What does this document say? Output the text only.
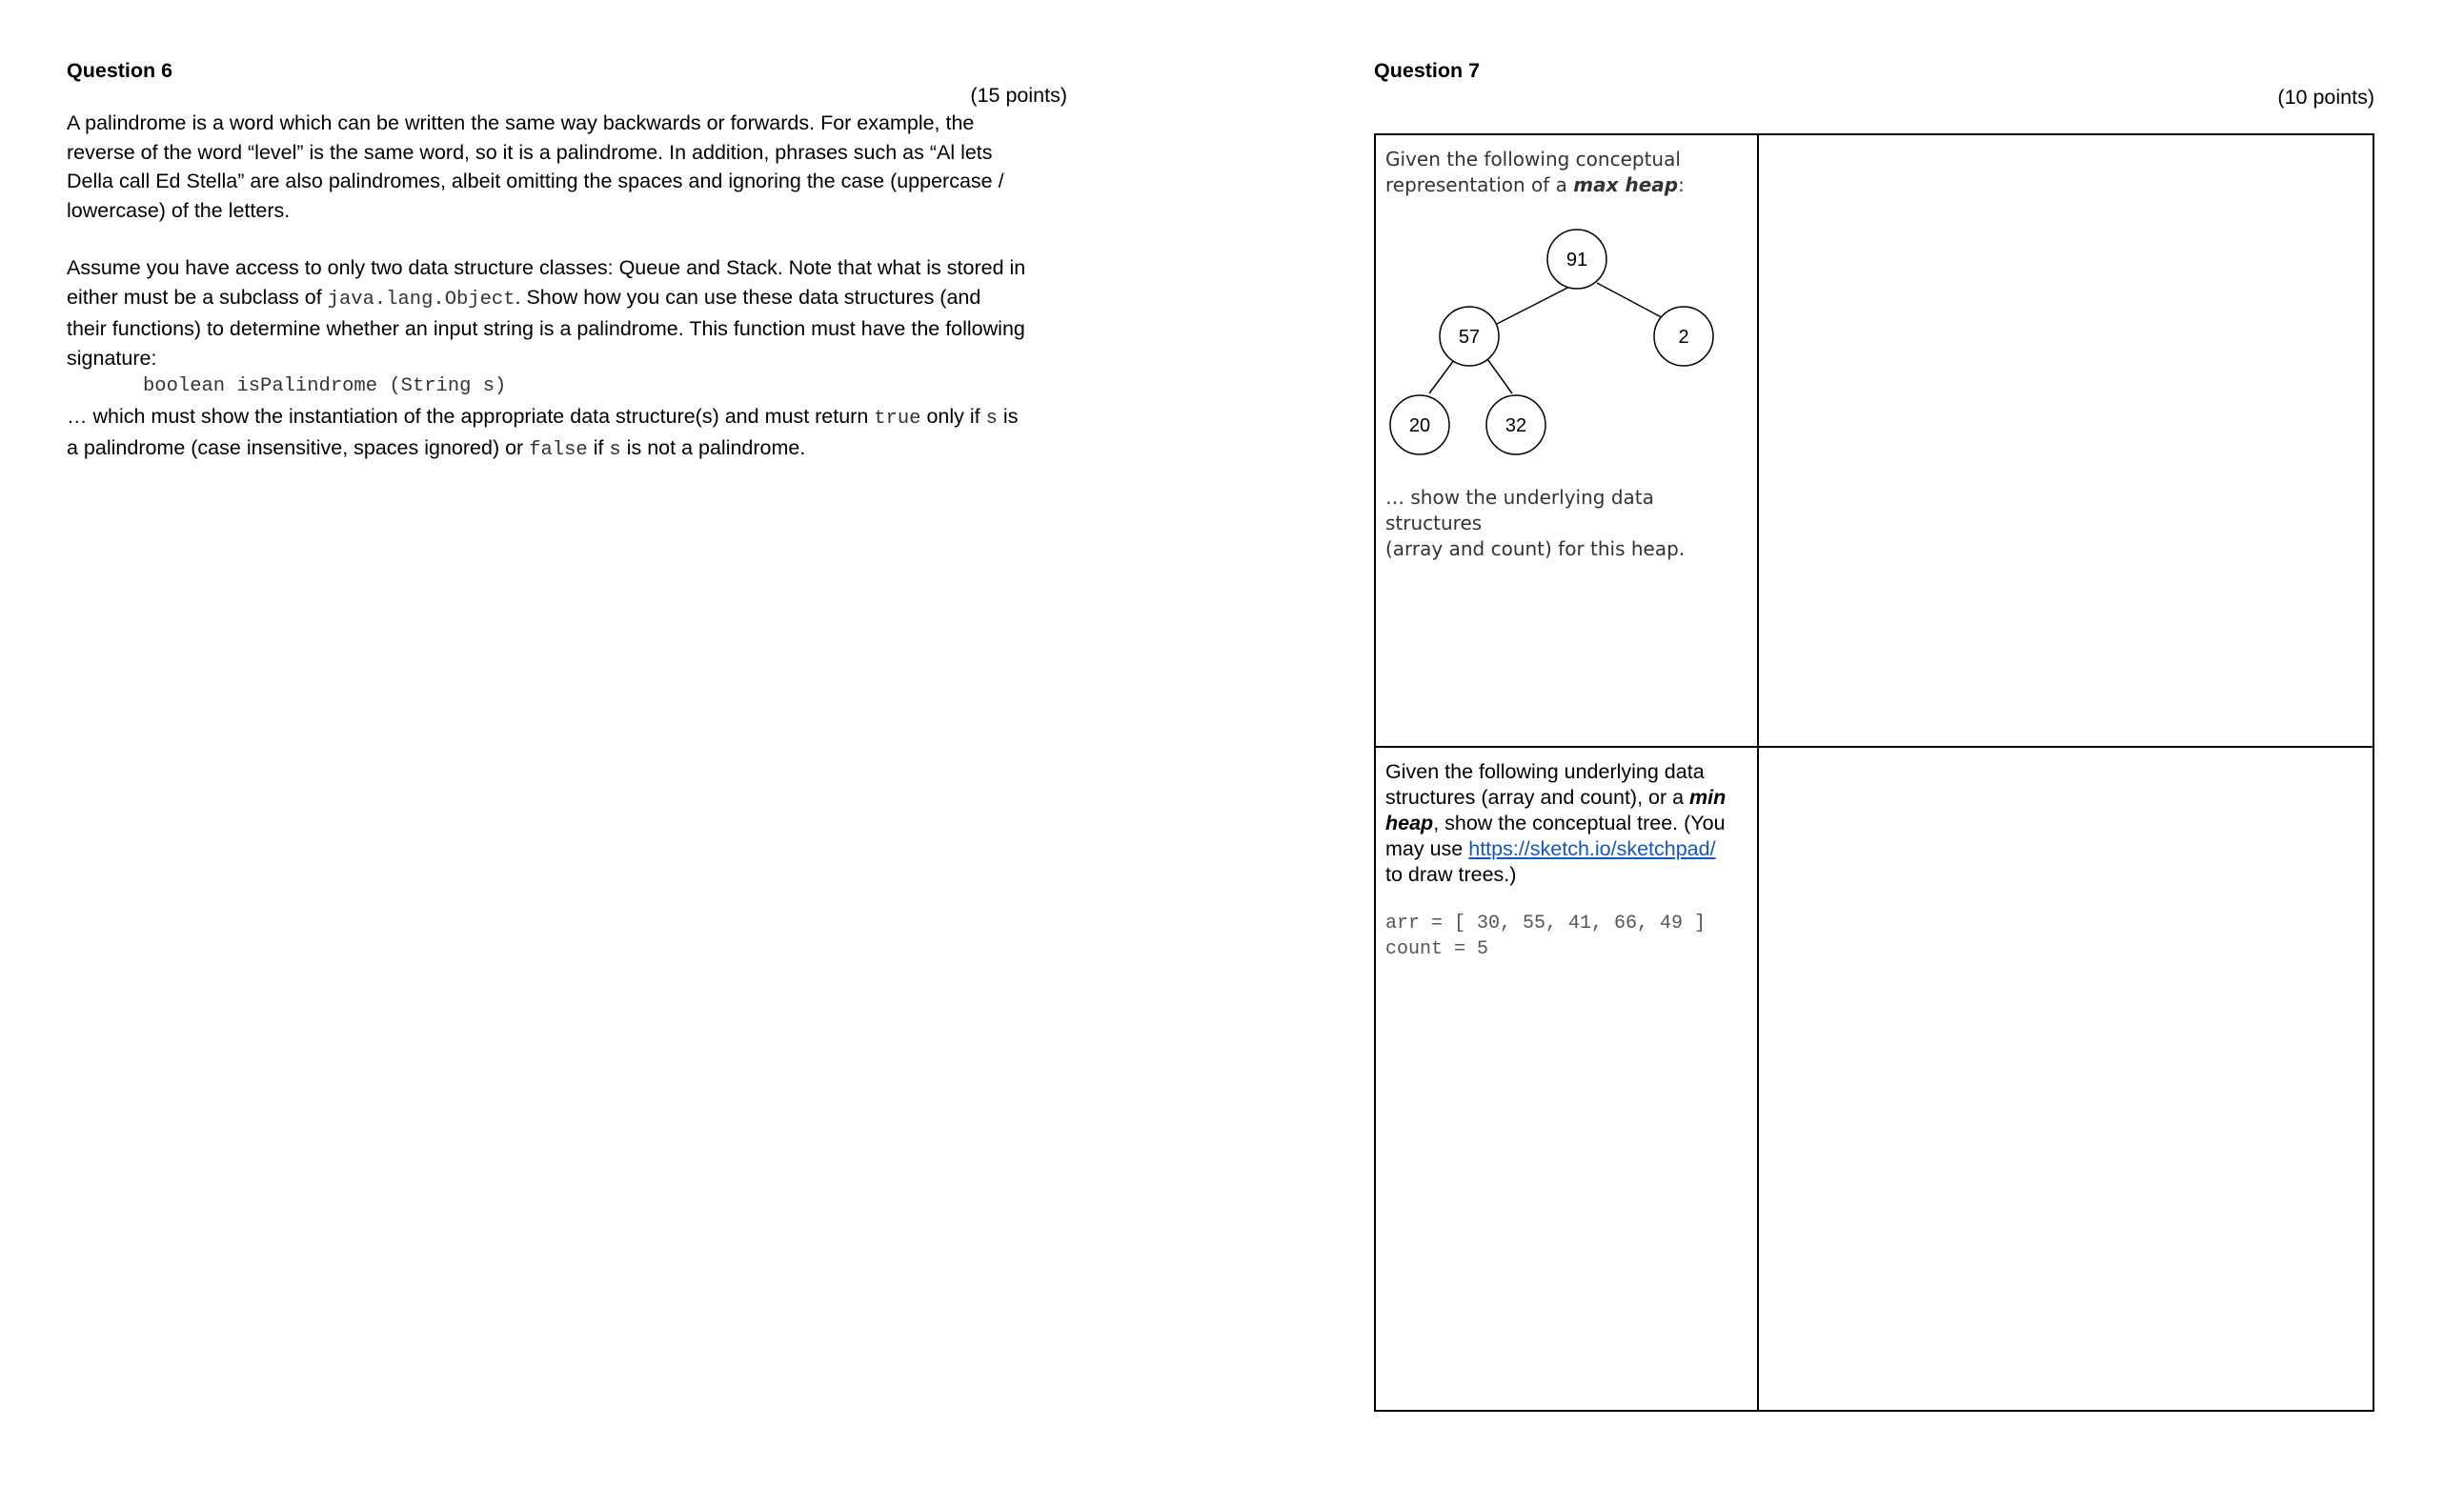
Question 6
(15 points)
A palindrome is a word which can be written the same way backwards or forwards. For example, the
reverse of the word “level” is the same word, so it is a palindrome. In addition, phrases such as “Al lets
Della call Ed Stella” are also palindromes, albeit omitting the spaces and ignoring the case (uppercase /
lowercase) of the letters.
Assume you have access to only two data structure classes: Queue and Stack. Note that what is stored in
either must be a subclass of java.lang.Object. Show how you can use these data structures (and
their functions) to determine whether an input string is a palindrome. This function must have the following
signature:
boolean isPalindrome (String s)
… which must show the instantiation of the appropriate data structure(s) and must return true only if s is
a palindrome (case insensitive, spaces ignored) or false if s is not a palindrome.
Question 7
(10 points)
Given the following conceptual
representation of a max heap:
91
57	2
20	32
… show the underlying data structures
(array and count) for this heap.
Given the following underlying data
structures (array and count), or a min
heap, show the conceptual tree. (You
may use https://sketch.io/sketchpad/
to draw trees.)
arr = [ 30, 55, 41, 66, 49 ]
count = 5
